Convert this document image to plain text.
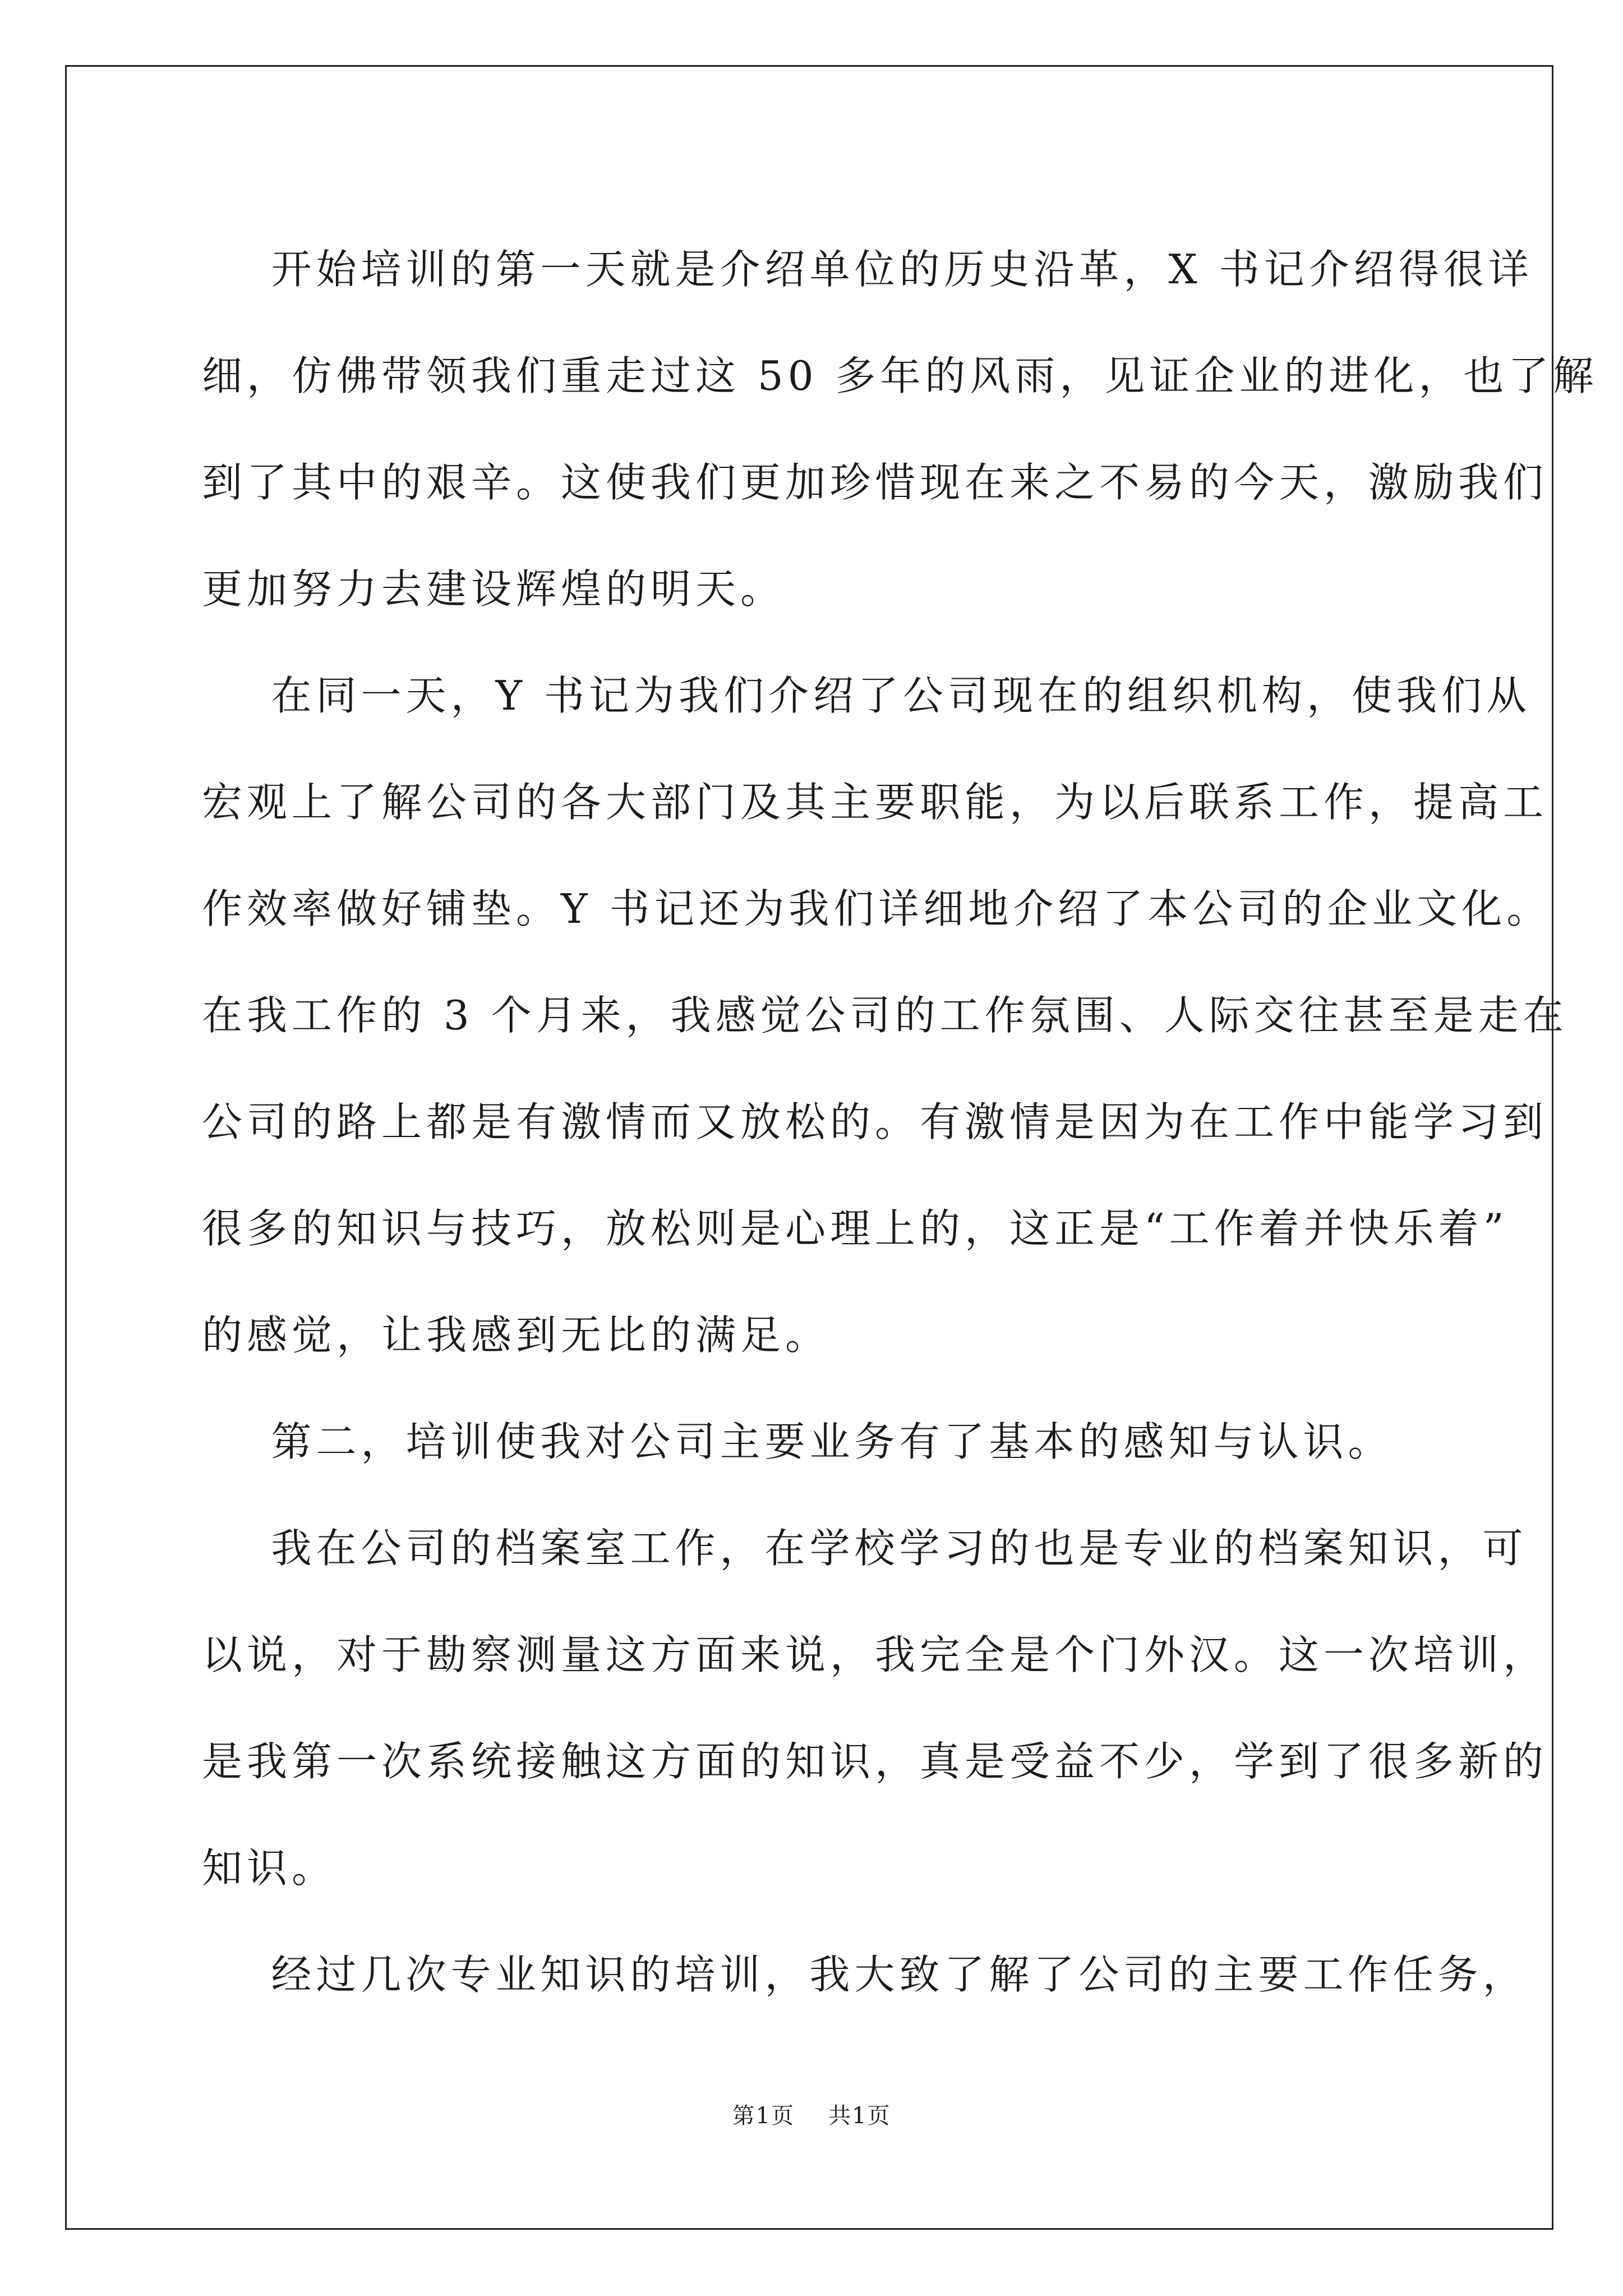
开始培训的第一天就是介绍单位的历史沿革，X 书记介绍得很详
细，仿佛带领我们重走过这 50 多年的风雨，见证企业的进化，也了解
到了其中的艰辛。这使我们更加珍惜现在来之不易的今天，激励我们
更加努力去建设辉煌的明天。
在同一天，Y 书记为我们介绍了公司现在的组织机构，使我们从
宏观上了解公司的各大部门及其主要职能，为以后联系工作，提高工
作效率做好铺垫。Y 书记还为我们详细地介绍了本公司的企业文化。
在我工作的 3 个月来，我感觉公司的工作氛围、人际交往甚至是走在
公司的路上都是有激情而又放松的。有激情是因为在工作中能学习到
很多的知识与技巧，放松则是心理上的，这正是“工作着并快乐着”
的感觉，让我感到无比的满足。
第二，培训使我对公司主要业务有了基本的感知与认识。
我在公司的档案室工作，在学校学习的也是专业的档案知识，可
以说，对于勘察测量这方面来说，我完全是个门外汉。这一次培训，
是我第一次系统接触这方面的知识，真是受益不少，学到了很多新的
知识。
经过几次专业知识的培训，我大致了解了公司的主要工作任务，
第1页 共1页
